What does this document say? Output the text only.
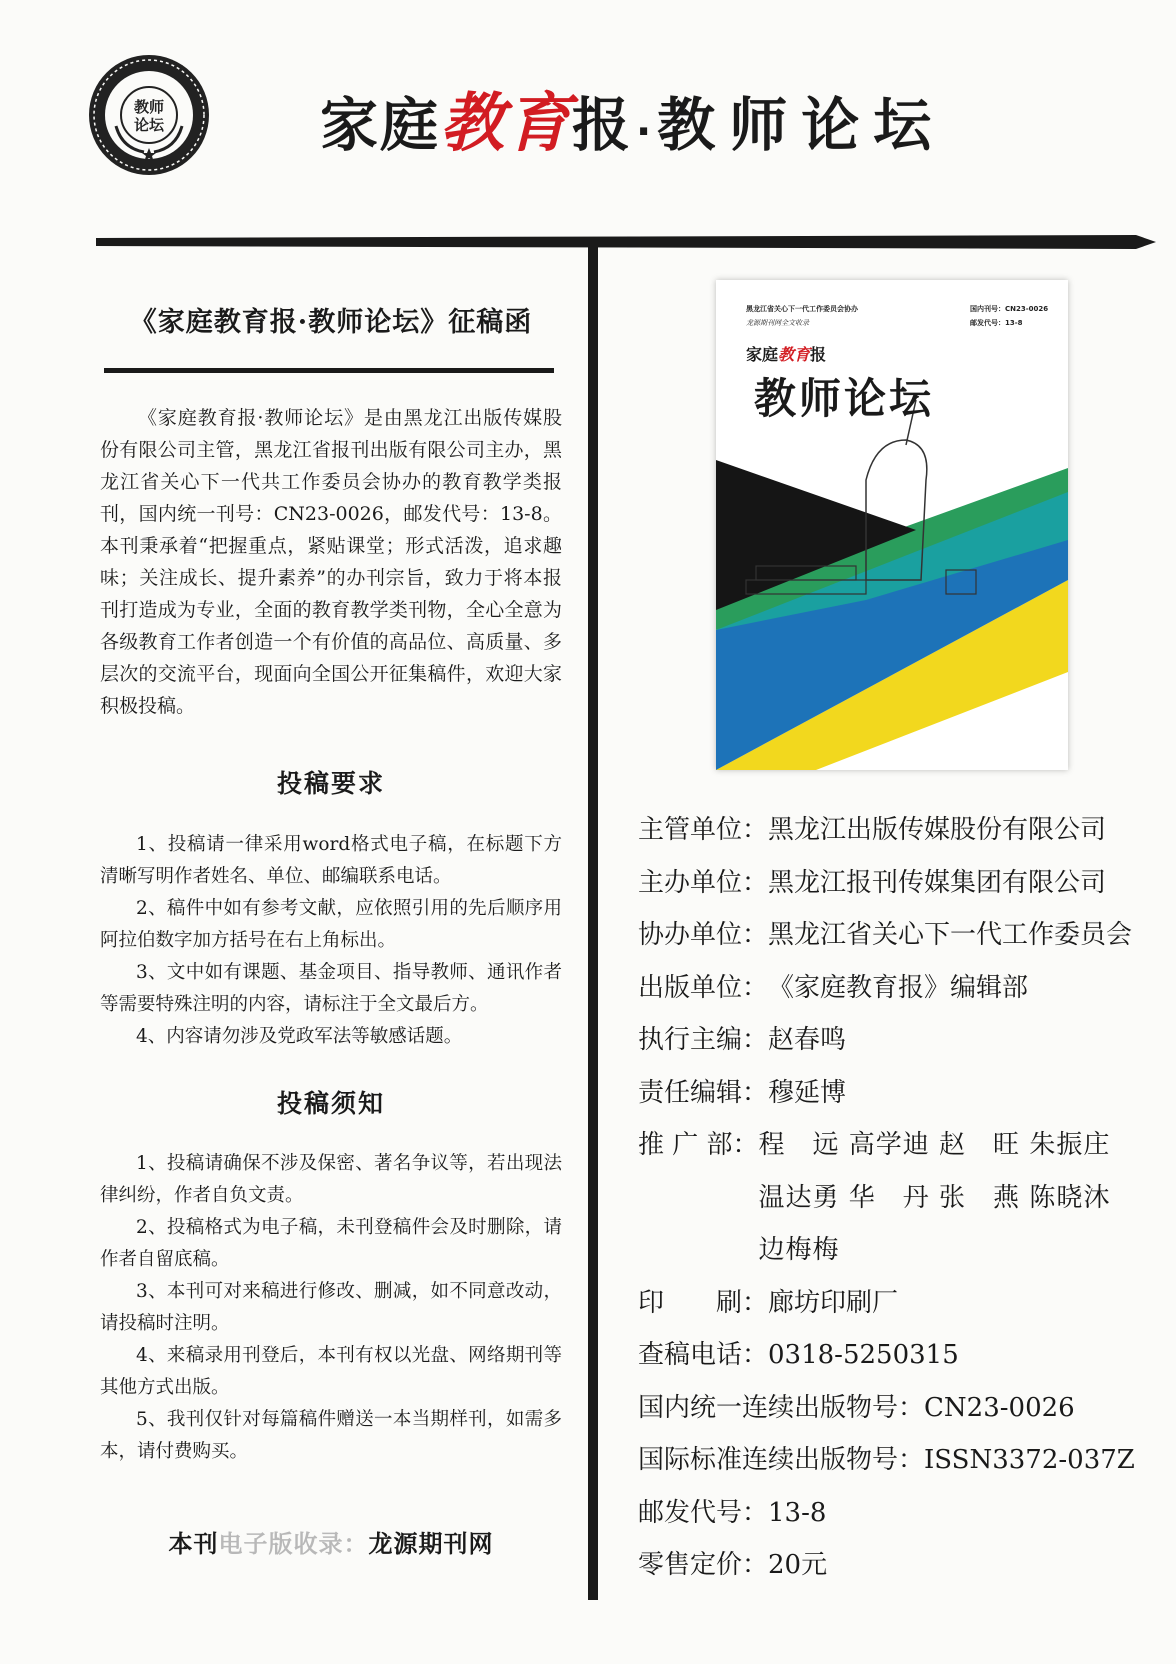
JIAO SHI LUN TAN
教师
论坛	家庭教育报 ·教师论坛
《家庭教育报·教师论坛》征稿函

《家庭教育报·教师论坛》是由黑龙江出版传媒股份有限公司主管，黑龙江省报刊出版有限公司主办，黑龙江省关心下一代共工作委员会协办的教育教学类报刊，国内统一刊号：CN23-0026，邮发代号：13-8。本刊秉承着“把握重点，紧贴课堂；形式活泼，追求趣味；关注成长、提升素养”的办刊宗旨，致力于将本报刊打造成为专业，全面的教育教学类刊物，全心全意为各级教育工作者创造一个有价值的高品位、高质量、多层次的交流平台，现面向全国公开征集稿件，欢迎大家积极投稿。

投稿要求
1、投稿请一律采用word格式电子稿，在标题下方清晰写明作者姓名、单位、邮编联系电话。
2、稿件中如有参考文献，应依照引用的先后顺序用阿拉伯数字加方括号在右上角标出。
3、文中如有课题、基金项目、指导教师、通讯作者等需要特殊注明的内容，请标注于全文最后方。
4、内容请勿涉及党政军法等敏感话题。
投稿须知
1、投稿请确保不涉及保密、著名争议等，若出现法律纠纷，作者自负文责。
2、投稿格式为电子稿，未刊登稿件会及时删除，请作者自留底稿。
3、本刊可对来稿进行修改、删减，如不同意改动，请投稿时注明。
4、来稿录用刊登后，本刊有权以光盘、网络期刊等其他方式出版。
5、我刊仅针对每篇稿件赠送一本当期样刊，如需多本，请付费购买。
本刊电子版收录：龙源期刊网
黑龙江省关心下一代工作委员会协办
龙源期刊网全文收录
国内刊号：CN23-0026
邮发代号：13-8
家庭教育报
教师论坛
主管单位： 黑龙江出版传媒股份有限公司
主办单位： 黑龙江报刊传媒集团有限公司
协办单位： 黑龙江省关心下一代工作委员会
出版单位： 《家庭教育报》编辑部
执行主编： 赵春鸣
责任编辑： 穆延博
推 广 部： 程　远 高学迪 赵　旺 朱振庄
温达勇 华　丹 张　燕 陈晓沐
边梅梅
印　　刷： 廊坊印刷厂
查稿电话： 0318-5250315
国内统一连续出版物号： CN23-0026
国际标准连续出版物号： ISSN3372-037Z
邮发代号： 13-8
零售定价： 20元
